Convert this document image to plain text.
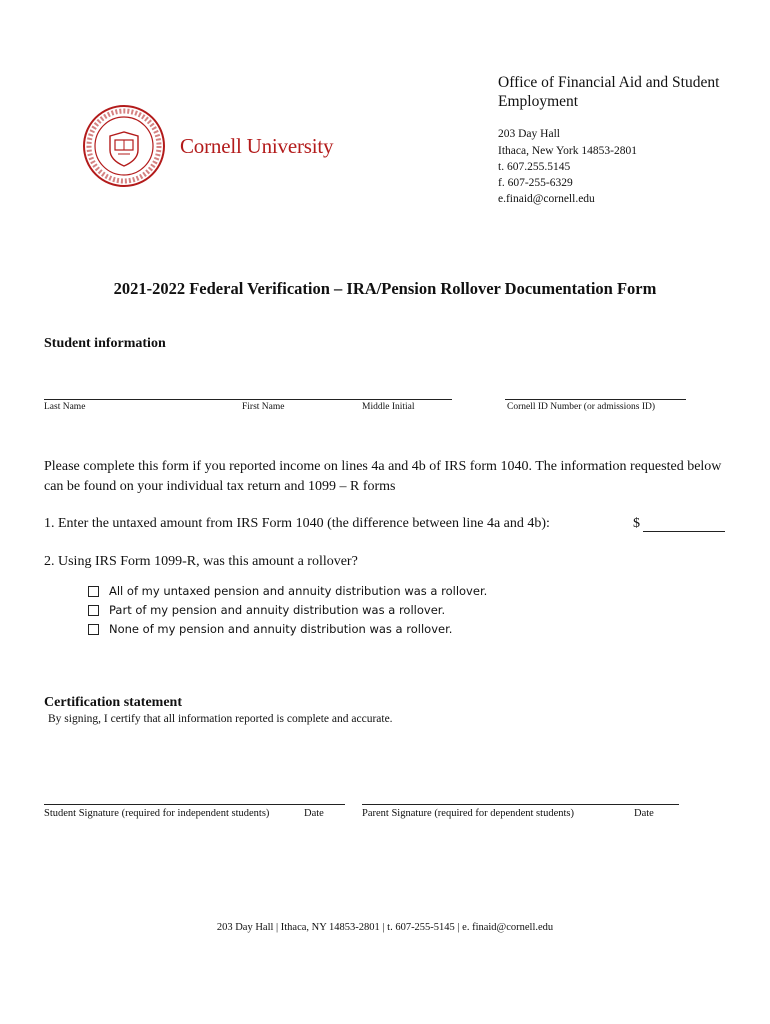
Office of Financial Aid and Student Employment
203 Day Hall
Ithaca, New York 14853-2801
t. 607.255.5145
f. 607-255-6329
e.finaid@cornell.edu
Cornell University
2021-2022 Federal Verification – IRA/Pension Rollover Documentation Form
Student information
Last Name	First Name	Middle Initial	Cornell ID Number (or admissions ID)
Please complete this form if you reported income on lines 4a and 4b of IRS form 1040. The information requested below can be found on your individual tax return and 1099 – R forms
1. Enter the untaxed amount from IRS Form 1040 (the difference between line 4a and 4b):	$
2. Using IRS Form 1099-R, was this amount a rollover?
All of my untaxed pension and annuity distribution was a rollover.
Part of my pension and annuity distribution was a rollover.
None of my pension and annuity distribution was a rollover.
Certification statement
By signing, I certify that all information reported is complete and accurate.
Student Signature (required for independent students)	Date	Parent Signature (required for dependent students)	Date
203 Day Hall | Ithaca, NY 14853-2801 | t. 607-255-5145 | e. finaid@cornell.edu
